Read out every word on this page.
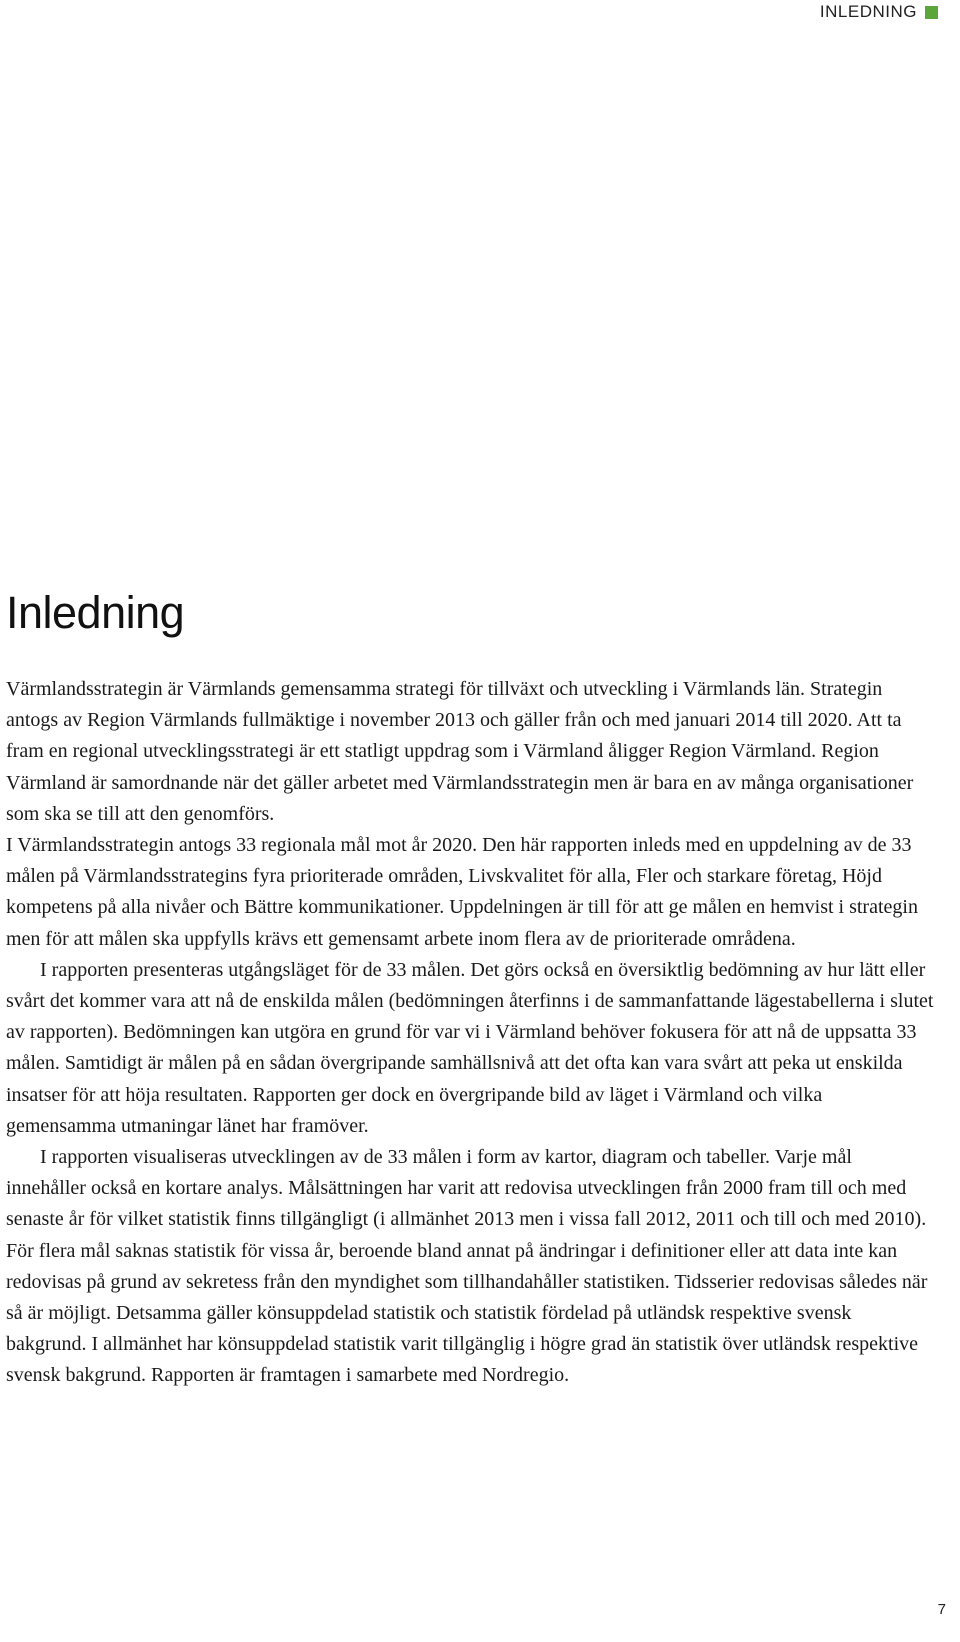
INLEDNING
Inledning

Värmlandsstrategin är Värmlands gemensamma strategi för tillväxt och utveckling i Värmlands län. Strategin antogs av Region Värmlands fullmäktige i november 2013 och gäller från och med januari 2014 till 2020. Att ta fram en regional utvecklingsstrategi är ett statligt uppdrag som i Värmland åligger Region Värmland. Region Värmland är samordnande när det gäller arbetet med Värmlandsstrategin men är bara en av många organisationer som ska se till att den genomförs.

I Värmlandsstrategin antogs 33 regionala mål mot år 2020. Den här rapporten inleds med en uppdelning av de 33 målen på Värmlandsstrategins fyra prioriterade områden, Livskvalitet för alla, Fler och starkare företag, Höjd kompetens på alla nivåer och Bättre kommunikationer. Uppdelningen är till för att ge målen en hemvist i strategin men för att målen ska uppfylls krävs ett gemensamt arbete inom flera av de prioriterade områdena.

I rapporten presenteras utgångsläget för de 33 målen. Det görs också en översiktlig bedömning av hur lätt eller svårt det kommer vara att nå de enskilda målen (bedömningen återfinns i de sammanfattande lägestabellerna i slutet av rapporten). Bedömningen kan utgöra en grund för var vi i Värmland behöver fokusera för att nå de uppsatta 33 målen. Samtidigt är målen på en sådan övergripande samhällsnivå att det ofta kan vara svårt att peka ut enskilda insatser för att höja resultaten. Rapporten ger dock en övergripande bild av läget i Värmland och vilka gemensamma utmaningar länet har framöver.

I rapporten visualiseras utvecklingen av de 33 målen i form av kartor, diagram och tabeller. Varje mål innehåller också en kortare analys. Målsättningen har varit att redovisa utvecklingen från 2000 fram till och med senaste år för vilket statistik finns tillgängligt (i allmänhet 2013 men i vissa fall 2012, 2011 och till och med 2010). För flera mål saknas statistik för vissa år, beroende bland annat på ändringar i definitioner eller att data inte kan redovisas på grund av sekretess från den myndighet som tillhandahåller statistiken. Tidsserier redovisas således när så är möjligt. Detsamma gäller könsuppdelad statistik och statistik fördelad på utländsk respektive svensk bakgrund. I allmänhet har könsuppdelad statistik varit tillgänglig i högre grad än statistik över utländsk respektive svensk bakgrund. Rapporten är framtagen i samarbete med Nordregio.

7
